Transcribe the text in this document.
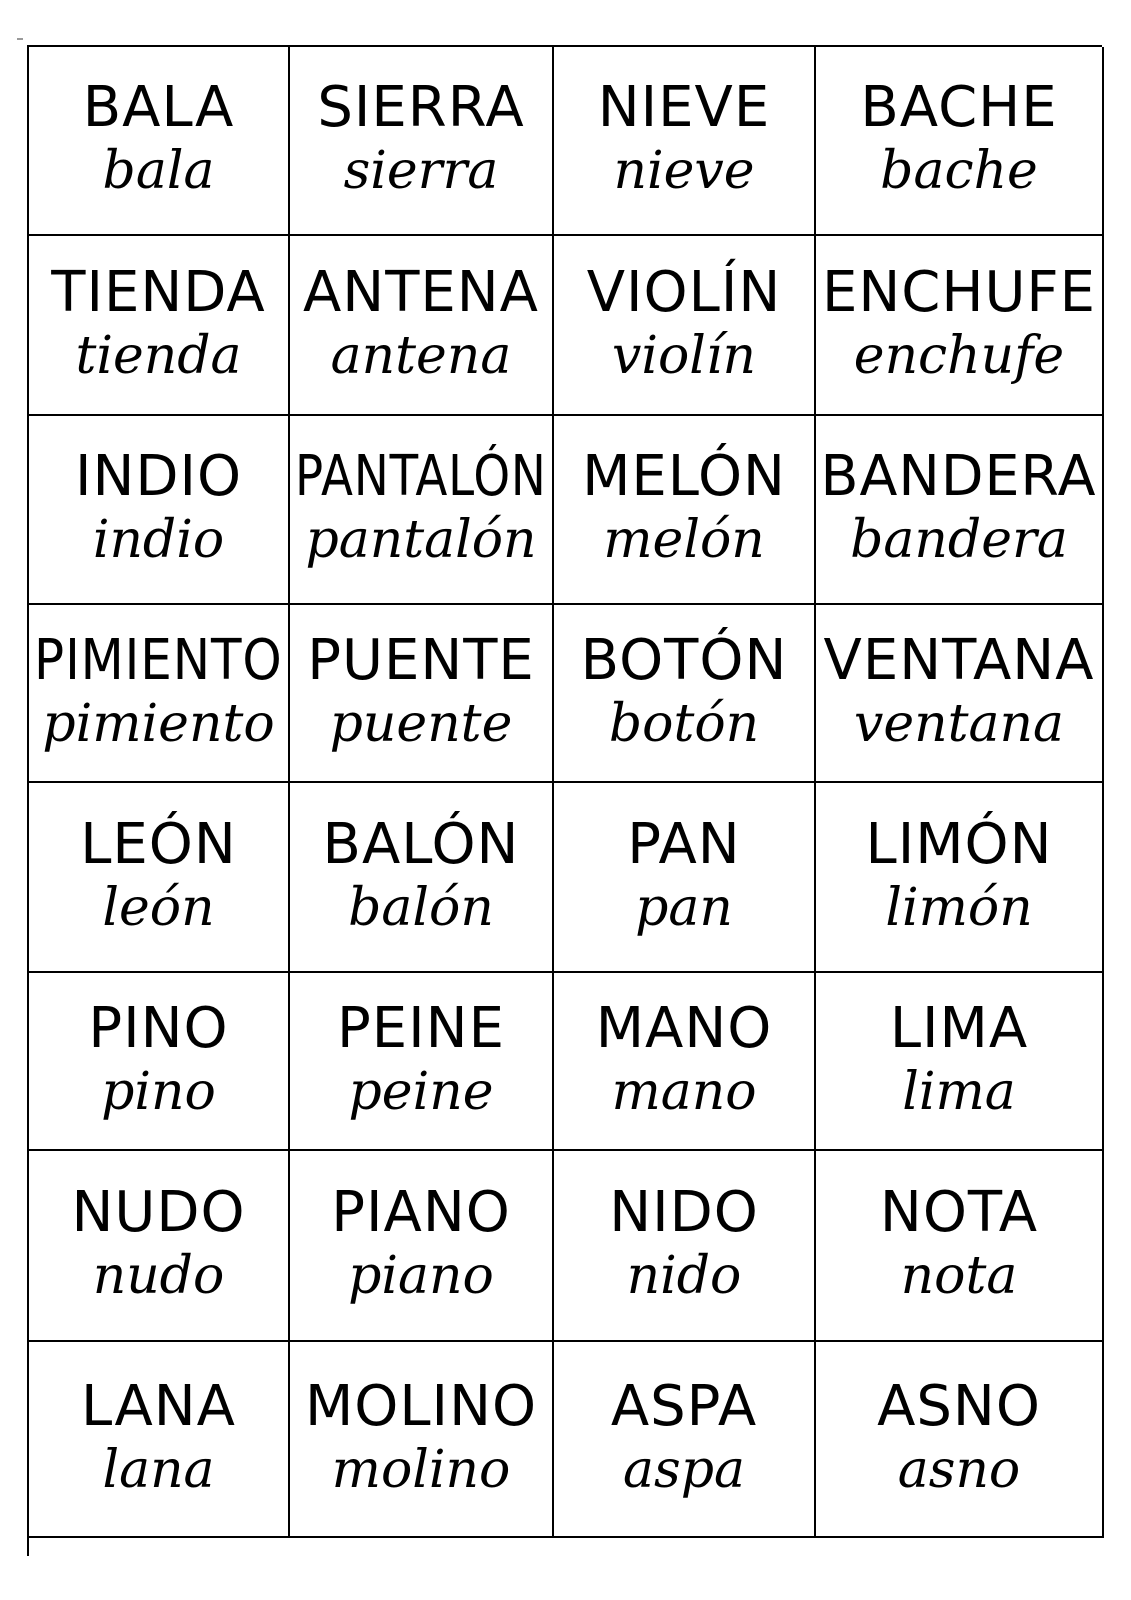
BALA
bala
SIERRA
sierra
NIEVE
nieve
BACHE
bache
TIENDA
tienda
ANTENA
antena
VIOLÍN
violín
ENCHUFE
enchufe
INDIO
indio
PANTALÓN
pantalón
MELÓN
melón
BANDERA
bandera
PIMIENTO
pimiento
PUENTE
puente
BOTÓN
botón
VENTANA
ventana
LEÓN
león
BALÓN
balón
PAN
pan
LIMÓN
limón
PINO
pino
PEINE
peine
MANO
mano
LIMA
lima
NUDO
nudo
PIANO
piano
NIDO
nido
NOTA
nota
LANA
lana
MOLINO
molino
ASPA
aspa
ASNO
asno
